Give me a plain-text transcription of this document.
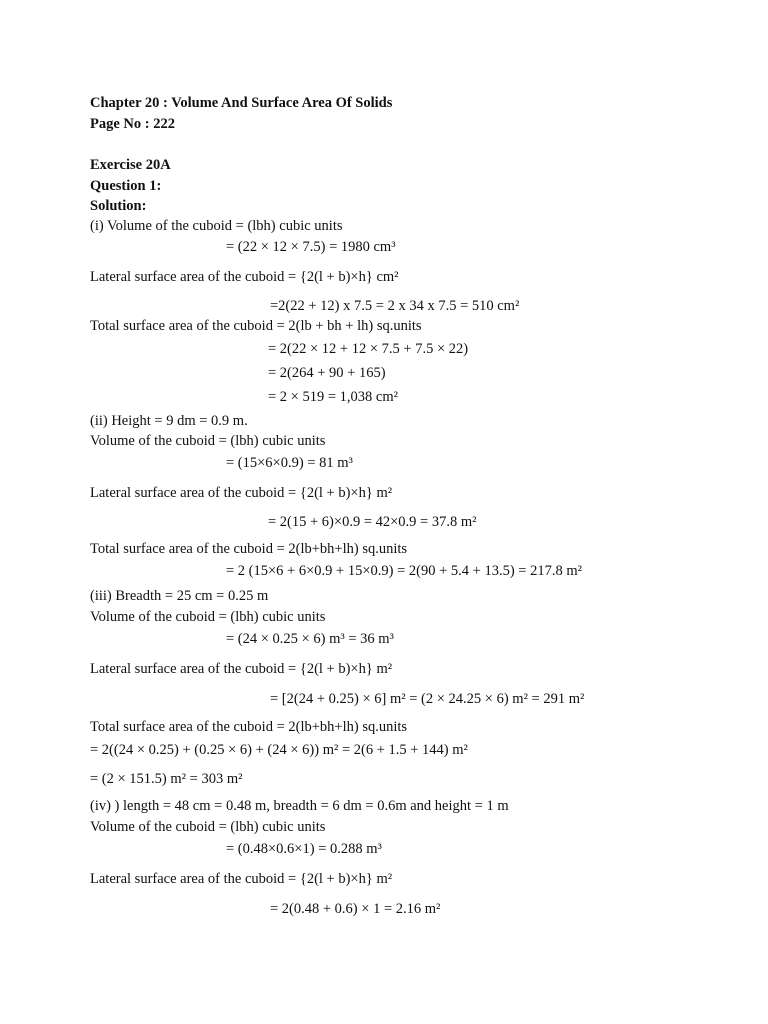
Chapter 20 : Volume And Surface Area Of Solids
Page No : 222
Exercise 20A
Question 1:
Solution:
(i) Volume of the cuboid = (lbh) cubic units
= (22 × 12 × 7.5) = 1980 cm³
Lateral surface area of the cuboid = {2(l + b)×h} cm²
=2(22 + 12) x 7.5 = 2 x 34 x 7.5 = 510 cm²
Total surface area of the cuboid = 2(lb + bh + lh) sq.units
= 2(22 × 12 + 12 × 7.5 + 7.5 × 22)
= 2(264 + 90 + 165)
= 2 × 519 = 1,038 cm²
(ii) Height = 9 dm = 0.9 m.
Volume of the cuboid = (lbh) cubic units
= (15×6×0.9) = 81 m³
Lateral surface area of the cuboid = {2(l + b)×h} m²
= 2(15 + 6)×0.9 = 42×0.9 = 37.8 m²
Total surface area of the cuboid = 2(lb+bh+lh) sq.units
= 2 (15×6 + 6×0.9 + 15×0.9) = 2(90 + 5.4 + 13.5) = 217.8 m²
(iii) Breadth = 25 cm = 0.25 m
Volume of the cuboid = (lbh) cubic units
= (24 × 0.25 × 6) m³ = 36 m³
Lateral surface area of the cuboid = {2(l + b)×h} m²
= [2(24 + 0.25) × 6] m² = (2 × 24.25 × 6) m² = 291 m²
Total surface area of the cuboid = 2(lb+bh+lh) sq.units
= 2((24 × 0.25) + (0.25 × 6) + (24 × 6)) m² = 2(6 + 1.5 + 144) m²
= (2 × 151.5) m² = 303 m²
(iv) ) length = 48 cm = 0.48 m, breadth = 6 dm = 0.6m and height = 1 m
Volume of the cuboid = (lbh) cubic units
= (0.48×0.6×1) = 0.288 m³
Lateral surface area of the cuboid = {2(l + b)×h} m²
= 2(0.48 + 0.6) × 1 = 2.16 m²
